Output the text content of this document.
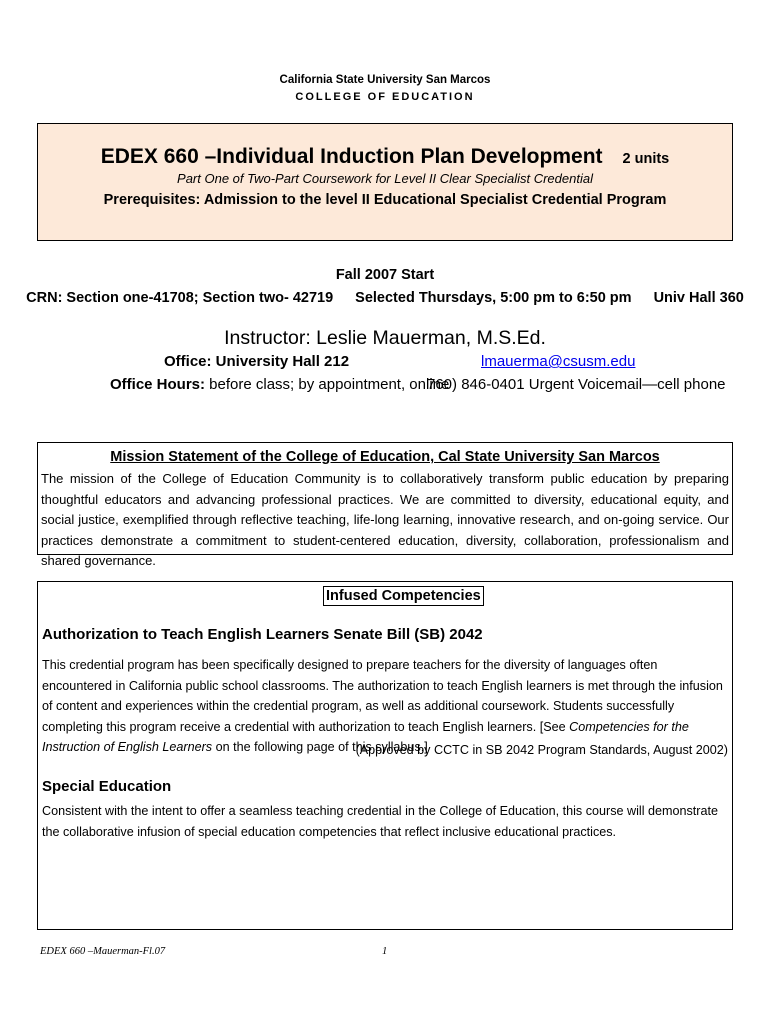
California State University San Marcos
COLLEGE OF EDUCATION
EDEX 660 –Individual Induction Plan Development 2 units
Part One of Two-Part Coursework for Level II Clear Specialist Credential
Prerequisites: Admission to the level II Educational Specialist Credential Program
Fall 2007 Start
CRN: Section one-41708; Section two- 42719 Selected Thursdays, 5:00 pm to 6:50 pm Univ Hall 360
Instructor: Leslie Mauerman, M.S.Ed.
Office: University Hall 212	lmauerma@csusm.edu
Office Hours: before class; by appointment, online
760) 846-0401 Urgent Voicemail—cell phone
Mission Statement of the College of Education, Cal State University San Marcos
The mission of the College of Education Community is to collaboratively transform public education by preparing thoughtful educators and advancing professional practices. We are committed to diversity, educational equity, and social justice, exemplified through reflective teaching, life-long learning, innovative research, and on-going service. Our practices demonstrate a commitment to student-centered education, diversity, collaboration, professionalism and shared governance.
Infused Competencies
Authorization to Teach English Learners Senate Bill (SB) 2042
This credential program has been specifically designed to prepare teachers for the diversity of languages often encountered in California public school classrooms. The authorization to teach English learners is met through the infusion of content and experiences within the credential program, as well as additional coursework. Students successfully completing this program receive a credential with authorization to teach English learners. [See Competencies for the Instruction of English Learners on the following page of this syllabus.]
(Approved by CCTC in SB 2042 Program Standards, August 2002)
Special Education
Consistent with the intent to offer a seamless teaching credential in the College of Education, this course will demonstrate the collaborative infusion of special education competencies that reflect inclusive educational practices.
EDEX 660 –Mauerman-Fl.07	1
